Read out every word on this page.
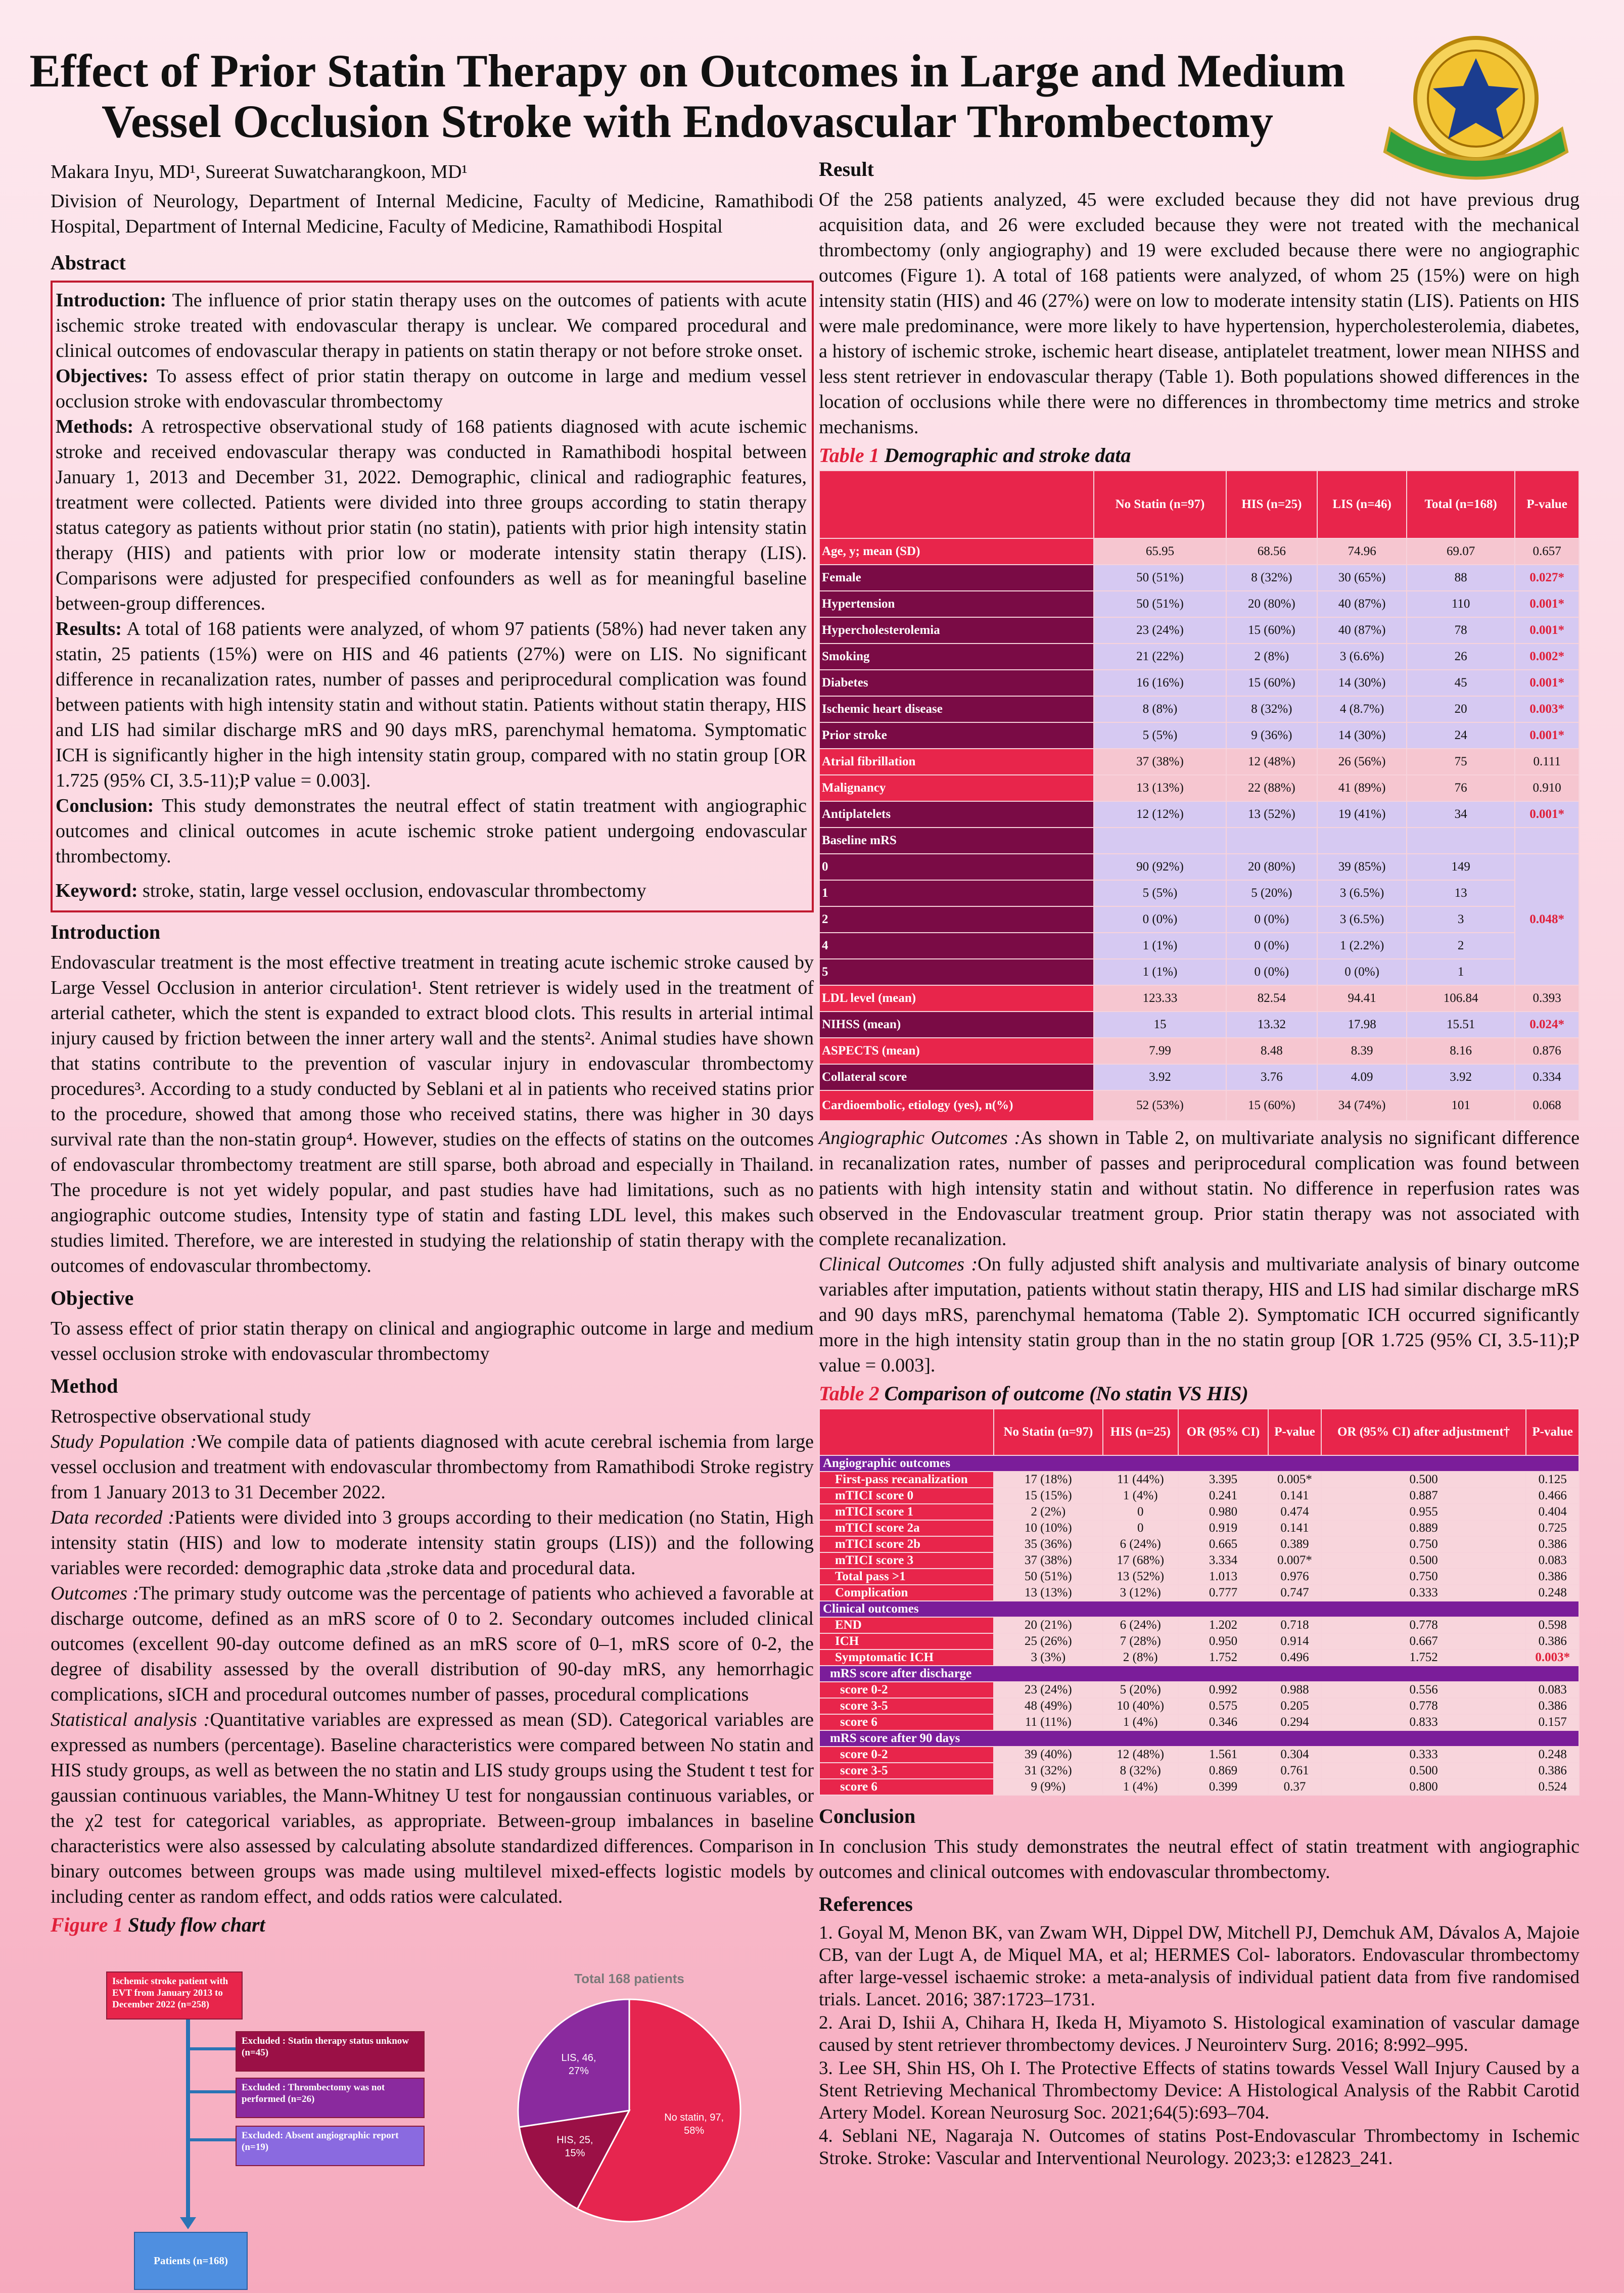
Effect of Prior Statin Therapy on Outcomes in Large and Medium
Vessel Occlusion Stroke with Endovascular Thrombectomy
Makara Inyu, MD¹, Sureerat Suwatcharangkoon, MD¹
Division of Neurology, Department of Internal Medicine, Faculty of Medicine, Ramathibodi Hospital, Department of Internal Medicine, Faculty of Medicine, Ramathibodi Hospital
Abstract

Introduction: The influence of prior statin therapy uses on the outcomes of patients with acute ischemic stroke treated with endovascular therapy is unclear. We compared procedural and clinical outcomes of endovascular therapy in patients on statin therapy or not before stroke onset.

Objectives: To assess effect of prior statin therapy on outcome in large and medium vessel occlusion stroke with endovascular thrombectomy

Methods: A retrospective observational study of 168 patients diagnosed with acute ischemic stroke and received endovascular therapy was conducted in Ramathibodi hospital between January 1, 2013 and December 31, 2022. Demographic, clinical and radiographic features, treatment were collected. Patients were divided into three groups according to statin therapy status category as patients without prior statin (no statin), patients with prior high intensity statin therapy (HIS) and patients with prior low or moderate intensity statin therapy (LIS). Comparisons were adjusted for prespecified confounders as well as for meaningful baseline between-group differences.

Results: A total of 168 patients were analyzed, of whom 97 patients (58%) had never taken any statin, 25 patients (15%) were on HIS and 46 patients (27%) were on LIS. No significant difference in recanalization rates, number of passes and periprocedural complication was found between patients with high intensity statin and without statin. Patients without statin therapy, HIS and LIS had similar discharge mRS and 90 days mRS, parenchymal hematoma. Symptomatic ICH is significantly higher in the high intensity statin group, compared with no statin group [OR 1.725 (95% CI, 3.5-11);P value = 0.003].

Conclusion: This study demonstrates the neutral effect of statin treatment with angiographic outcomes and clinical outcomes in acute ischemic stroke patient undergoing endovascular thrombectomy.

Keyword: stroke, statin, large vessel occlusion, endovascular thrombectomy

Introduction

Endovascular treatment is the most effective treatment in treating acute ischemic stroke caused by Large Vessel Occlusion in anterior circulation¹. Stent retriever is widely used in the treatment of arterial catheter, which the stent is expanded to extract blood clots. This results in arterial intimal injury caused by friction between the inner artery wall and the stents². Animal studies have shown that statins contribute to the prevention of vascular injury in endovascular thrombectomy procedures³. According to a study conducted by Seblani et al in patients who received statins prior to the procedure, showed that among those who received statins, there was higher in 30 days survival rate than the non-statin group⁴. However, studies on the effects of statins on the outcomes of endovascular thrombectomy treatment are still sparse, both abroad and especially in Thailand. The procedure is not yet widely popular, and past studies have had limitations, such as no angiographic outcome studies, Intensity type of statin and fasting LDL level, this makes such studies limited. Therefore, we are interested in studying the relationship of statin therapy with the outcomes of endovascular thrombectomy.

Objective

To assess effect of prior statin therapy on clinical and angiographic outcome in large and medium vessel occlusion stroke with endovascular thrombectomy

Method

Retrospective observational study

Study Population :We compile data of patients diagnosed with acute cerebral ischemia from large vessel occlusion and treatment with endovascular thrombectomy from Ramathibodi Stroke registry from 1 January 2013 to 31 December 2022.

Data recorded :Patients were divided into 3 groups according to their medication (no Statin, High intensity statin (HIS) and low to moderate intensity statin groups (LIS)) and the following variables were recorded: demographic data ,stroke data and procedural data.

Outcomes :The primary study outcome was the percentage of patients who achieved a favorable at discharge outcome, defined as an mRS score of 0 to 2. Secondary outcomes included clinical outcomes (excellent 90-day outcome defined as an mRS score of 0–1, mRS score of 0-2, the degree of disability assessed by the overall distribution of 90-day mRS, any hemorrhagic complications, sICH and procedural outcomes number of passes, procedural complications

Statistical analysis :Quantitative variables are expressed as mean (SD). Categorical variables are expressed as numbers (percentage). Baseline characteristics were compared between No statin and HIS study groups, as well as between the no statin and LIS study groups using the Student t test for gaussian continuous variables, the Mann-Whitney U test for nongaussian continuous variables, or the χ2 test for categorical variables, as appropriate. Between-group imbalances in baseline characteristics were also assessed by calculating absolute standardized differences. Comparison in binary outcomes between groups was made using multilevel mixed-effects logistic models by including center as random effect, and odds ratios were calculated.

Figure 1 Study flow chart
Ischemic stroke patient with EVT from January 2013 to December 2022 (n=258)
Excluded : Statin therapy status unknow (n=45)
Excluded : Thrombectomy was not performed (n=26)
Excluded: Absent angiographic report (n=19)
Patients (n=168)
Total 168 patients
No statin, 97, 58%
HIS, 25, 15%
LIS, 46, 27%
Result

Of the 258 patients analyzed, 45 were excluded because they did not have previous drug acquisition data, and 26 were excluded because they were not treated with the mechanical thrombectomy (only angiography) and 19 were excluded because there were no angiographic outcomes (Figure 1). A total of 168 patients were analyzed, of whom 25 (15%) were on high intensity statin (HIS) and 46 (27%) were on low to moderate intensity statin (LIS). Patients on HIS were male predominance, were more likely to have hypertension, hypercholesterolemia, diabetes, a history of ischemic stroke, ischemic heart disease, antiplatelet treatment, lower mean NIHSS and less stent retriever in endovascular therapy (Table 1). Both populations showed differences in the location of occlusions while there were no differences in thrombectomy time metrics and stroke mechanisms.

Table 1 Demographic and stroke data
	No Statin (n=97)	HIS (n=25)	LIS (n=46)	Total (n=168)	P-value
Age, y; mean (SD)	65.95	68.56	74.96	69.07	0.657
Female	50 (51%)	8 (32%)	30 (65%)	88	0.027*
Hypertension	50 (51%)	20 (80%)	40 (87%)	110	0.001*
Hypercholesterolemia	23 (24%)	15 (60%)	40 (87%)	78	0.001*
Smoking	21 (22%)	2 (8%)	3 (6.6%)	26	0.002*
Diabetes	16 (16%)	15 (60%)	14 (30%)	45	0.001*
Ischemic heart disease	8 (8%)	8 (32%)	4 (8.7%)	20	0.003*
Prior stroke	5 (5%)	9 (36%)	14 (30%)	24	0.001*
Atrial fibrillation	37 (38%)	12 (48%)	26 (56%)	75	0.111
Malignancy	13 (13%)	22 (88%)	41 (89%)	76	0.910
Antiplatelets	12 (12%)	13 (52%)	19 (41%)	34	0.001*
Baseline mRS					
0	90 (92%)	20 (80%)	39 (85%)	149	0.048*
1	5 (5%)	5 (20%)	3 (6.5%)	13	
2	0 (0%)	0 (0%)	3 (6.5%)	3	
4	1 (1%)	0 (0%)	1 (2.2%)	2	
5	1 (1%)	0 (0%)	0 (0%)	1	
LDL level (mean)	123.33	82.54	94.41	106.84	0.393
NIHSS (mean)	15	13.32	17.98	15.51	0.024*
ASPECTS (mean)	7.99	8.48	8.39	8.16	0.876
Collateral score	3.92	3.76	4.09	3.92	0.334
Cardioembolic, etiology (yes), n(%)	52 (53%)	15 (60%)	34 (74%)	101	0.068

Angiographic Outcomes :As shown in Table 2, on multivariate analysis no significant difference in recanalization rates, number of passes and periprocedural complication was found between patients with high intensity statin and without statin. No difference in reperfusion rates was observed in the Endovascular treatment group. Prior statin therapy was not associated with complete recanalization.

Clinical Outcomes :On fully adjusted shift analysis and multivariate analysis of binary outcome variables after imputation, patients without statin therapy, HIS and LIS had similar discharge mRS and 90 days mRS, parenchymal hematoma (Table 2). Symptomatic ICH occurred significantly more in the high intensity statin group than in the no statin group [OR 1.725 (95% CI, 3.5-11);P value = 0.003].

Table 2 Comparison of outcome (No statin VS HIS)
	No Statin (n=97)	HIS (n=25)	OR (95% CI)	P-value	OR (95% CI) after adjustment†	P-value
Angiographic outcomes						
First-pass recanalization	17 (18%)	11 (44%)	3.395	0.005*	0.500	0.125
mTICI score 0	15 (15%)	1 (4%)	0.241	0.141	0.887	0.466
mTICI score 1	2 (2%)	0	0.980	0.474	0.955	0.404
mTICI score 2a	10 (10%)	0	0.919	0.141	0.889	0.725
mTICI score 2b	35 (36%)	6 (24%)	0.665	0.389	0.750	0.386
mTICI score 3	37 (38%)	17 (68%)	3.334	0.007*	0.500	0.083
Total pass >1	50 (51%)	13 (52%)	1.013	0.976	0.750	0.386
Complication	13 (13%)	3 (12%)	0.777	0.747	0.333	0.248
Clinical outcomes						
END	20 (21%)	6 (24%)	1.202	0.718	0.778	0.598
ICH	25 (26%)	7 (28%)	0.950	0.914	0.667	0.386
Symptomatic ICH	3 (3%)	2 (8%)	1.752	0.496	1.752	0.003*
mRS score after discharge						
score 0-2	23 (24%)	5 (20%)	0.992	0.988	0.556	0.083
score 3-5	48 (49%)	10 (40%)	0.575	0.205	0.778	0.386
score 6	11 (11%)	1 (4%)	0.346	0.294	0.833	0.157
mRS score after 90 days						
score 0-2	39 (40%)	12 (48%)	1.561	0.304	0.333	0.248
score 3-5	31 (32%)	8 (32%)	0.869	0.761	0.500	0.386
score 6	9 (9%)	1 (4%)	0.399	0.37	0.800	0.524
Conclusion

In conclusion This study demonstrates the neutral effect of statin treatment with angiographic outcomes and clinical outcomes with endovascular thrombectomy.

References
1. Goyal M, Menon BK, van Zwam WH, Dippel DW, Mitchell PJ, Demchuk AM, Dávalos A, Majoie CB, van der Lugt A, de Miquel MA, et al; HERMES Col- laborators. Endovascular thrombectomy after large-vessel ischaemic stroke: a meta-analysis of individual patient data from five randomised trials. Lancet. 2016; 387:1723–1731.
2. Arai D, Ishii A, Chihara H, Ikeda H, Miyamoto S. Histological examination of vascular damage caused by stent retriever thrombectomy devices. J Neurointerv Surg. 2016; 8:992–995.
3. Lee SH, Shin HS, Oh I. The Protective Effects of statins towards Vessel Wall Injury Caused by a Stent Retrieving Mechanical Thrombectomy Device: A Histological Analysis of the Rabbit Carotid Artery Model. Korean Neurosurg Soc. 2021;64(5):693–704.
4. Seblani NE, Nagaraja N. Outcomes of statins Post-Endovascular Thrombectomy in Ischemic Stroke. Stroke: Vascular and Interventional Neurology. 2023;3: e12823_241.
